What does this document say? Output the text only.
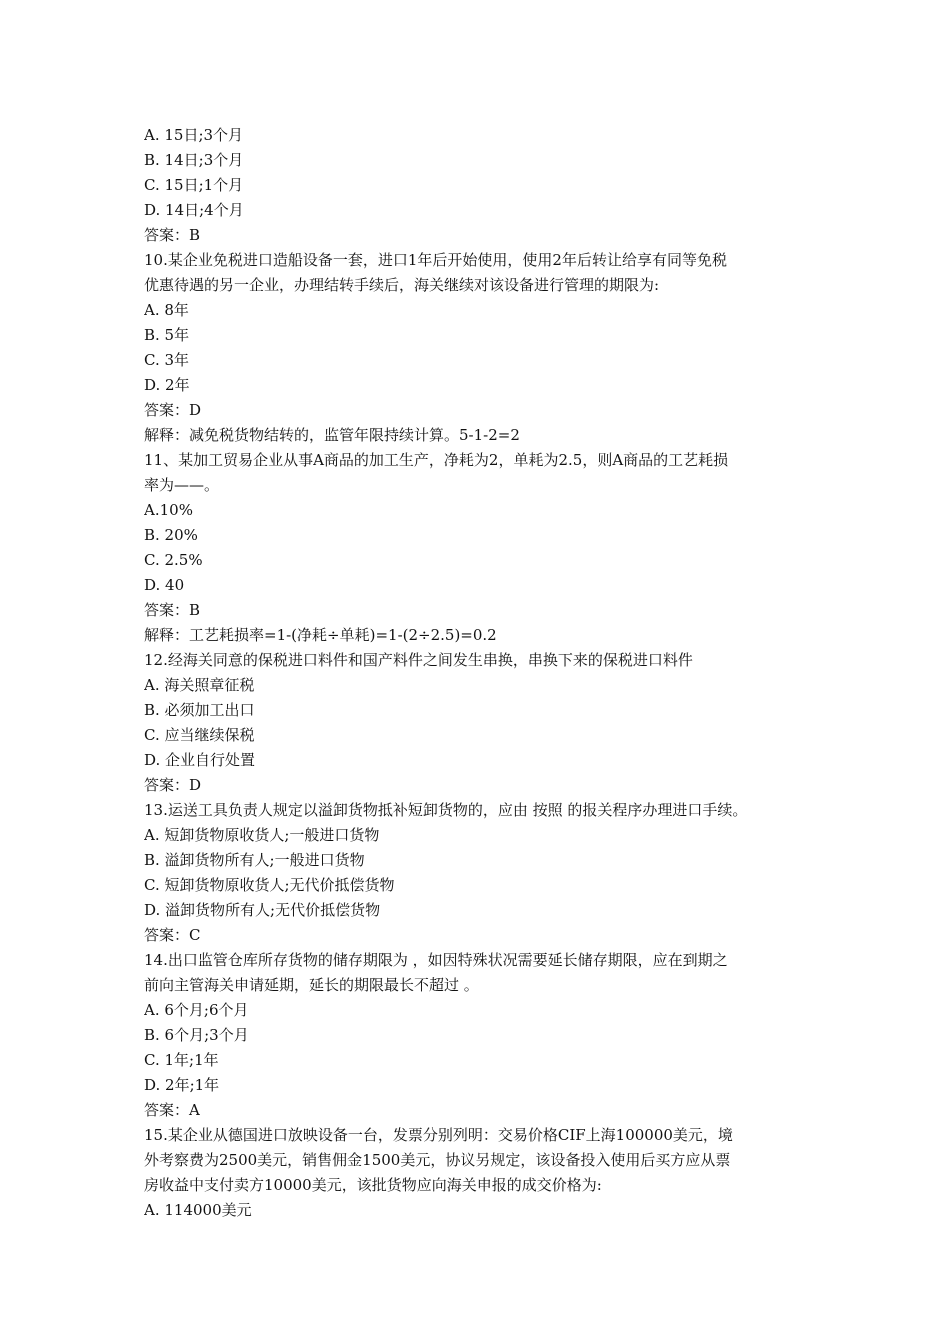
A. 15日;3个月
B. 14日;3个月
C. 15日;1个月
D. 14日;4个月
答案：B
10.某企业免税进口造船设备一套，进口1年后开始使用，使用2年后转让给享有同等免税
优惠待遇的另一企业，办理结转手续后，海关继续对该设备进行管理的期限为:
A. 8年
B. 5年
C. 3年
D. 2年
答案：D
解释：减免税货物结转的，监管年限持续计算。5-1-2=2
11、某加工贸易企业从事A商品的加工生产，净耗为2，单耗为2.5，则A商品的工艺耗损
率为——。
A.10%
B. 20%
C. 2.5%
D. 40
答案：B
解释：工艺耗损率=1-(净耗÷单耗)=1-(2÷2.5)=0.2
12.经海关同意的保税进口料件和国产料件之间发生串换，串换下来的保税进口料件
A. 海关照章征税
B. 必须加工出口
C. 应当继续保税
D. 企业自行处置
答案：D
13.运送工具负责人规定以溢卸货物抵补短卸货物的，应由 按照 的报关程序办理进口手续。
A. 短卸货物原收货人;一般进口货物
B. 溢卸货物所有人;一般进口货物
C. 短卸货物原收货人;无代价抵偿货物
D. 溢卸货物所有人;无代价抵偿货物
答案：C
14.出口监管仓库所存货物的储存期限为 ，如因特殊状况需要延长储存期限，应在到期之
前向主管海关申请延期，延长的期限最长不超过 。
A. 6个月;6个月
B. 6个月;3个月
C. 1年;1年
D. 2年;1年
答案：A
15.某企业从德国进口放映设备一台，发票分别列明：交易价格CIF上海100000美元，境
外考察费为2500美元，销售佣金1500美元，协议另规定，该设备投入使用后买方应从票
房收益中支付卖方10000美元，该批货物应向海关申报的成交价格为:
A. 114000美元
